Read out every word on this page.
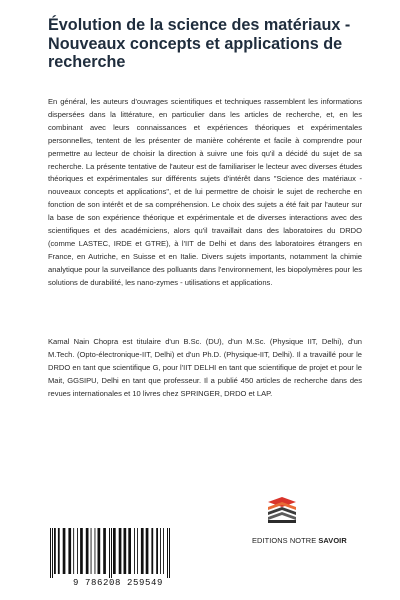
Évolution de la science des matériaux - Nouveaux concepts et applications de recherche

En général, les auteurs d'ouvrages scientifiques et techniques rassemblent les informations dispersées dans la littérature, en particulier dans les articles de recherche, et, en les combinant avec leurs connaissances et expériences théoriques et expérimentales personnelles, tentent de les présenter de manière cohérente et facile à comprendre pour permettre au lecteur de choisir la direction à suivre une fois qu'il a décidé du sujet de sa recherche. La présente tentative de l'auteur est de familiariser le lecteur avec diverses études théoriques et expérimentales sur différents sujets d'intérêt dans "Science des matériaux - nouveaux concepts et applications", et de lui permettre de choisir le sujet de recherche en fonction de son intérêt et de sa compréhension. Le choix des sujets a été fait par l'auteur sur la base de son expérience théorique et expérimentale et de diverses interactions avec des scientifiques et des académiciens, alors qu'il travaillait dans des laboratoires du DRDO (comme LASTEC, IRDE et GTRE), à l'IIT de Delhi et dans des laboratoires étrangers en France, en Autriche, en Suisse et en Italie. Divers sujets importants, notamment la chimie analytique pour la surveillance des polluants dans l'environnement, les biopolymères pour les solutions de durabilité, les nano-zymes - utilisations et applications.

Kamal Nain Chopra est titulaire d'un B.Sc. (DU), d'un M.Sc. (Physique IIT, Delhi), d'un M.Tech. (Opto-électronique-IIT, Delhi) et d'un Ph.D. (Physique-IIT, Delhi). Il a travaillé pour le DRDO en tant que scientifique G, pour l'IIT DELHI en tant que scientifique de projet et pour le Mait, GGSIPU, Delhi en tant que professeur. Il a publié 450 articles de recherche dans des revues internationales et 10 livres chez SPRINGER, DRDO et LAP.

9 786208 259549
EDITIONS NOTRE SAVOIR
